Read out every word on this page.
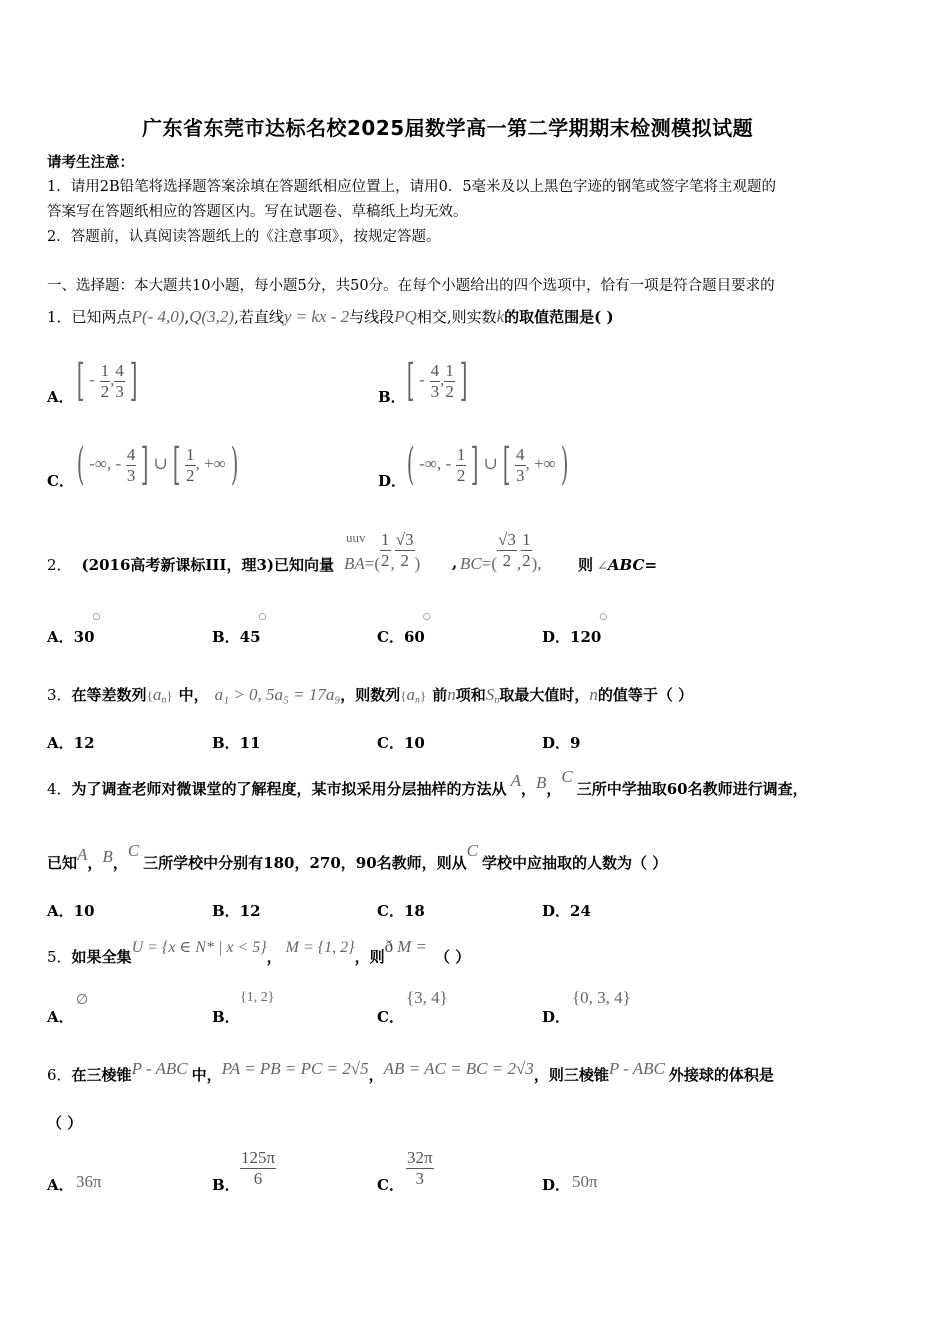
广东省东莞市达标名校2025届数学高一第二学期期末检测模拟试题
请考生注意：
1．请用2B铅笔将选择题答案涂填在答题纸相应位置上，请用0．5毫米及以上黑色字迹的钢笔或签字笔将主观题的
答案写在答题纸相应的答题区内。写在试题卷、草稿纸上均无效。
2．答题前，认真阅读答题纸上的《注意事项》，按规定答题。
一、选择题：本大题共10小题，每小题5分，共50分。在每个小题给出的四个选项中，恰有一项是符合题目要求的
1．已知两点P(- 4,0),Q(3,2),若直线y = kx - 2与线段PQ相交,则实数k的取值范围是( )
A． [ - $\frac{1}{2}$ , $\frac{4}{3}$ ]	B． [ - $\frac{4}{3}$ , $\frac{1}{2}$ ]
C． ( -∞, - $\frac{4}{3}$ ] ∪ [ $\frac{1}{2}$ , +∞ )	D． ( -∞, - $\frac{1}{2}$ ] ∪ [ $\frac{4}{3}$ , +∞ )
2． (2016高考新课标III，理3)已知向量
uuv
$BA=( \frac{1}{2}$ , $\frac{√3}{2}$ ) , $BC=( \frac{√3}{2}$ , $\frac{1}{2}$ ), 则 ∠ABC=
A．30○
B．45○
C．60○
D．120○
3．在等差数列$\{a_n\}$ 中， a₁ > 0, 5a₅ = 17a₉，则数列$\{a_n\}$ 前n项和$S_n$取最大值时，n的值等于（ ）
A．12	B．11	C．10	D．9
4．为了调查老师对微课堂的了解程度，某市拟采用分层抽样的方法从 A，B，C三所中学抽取60名教师进行调查，
已知A，B，C三所学校中分别有180，270，90名教师，则从C学校中应抽取的人数为（ ）
A．10	B．12	C．18	D．24
5．如果全集U = {x ∈ N* | x < 5}，M = {1, 2}，则ð M =（ ）
A．
∅
B．
{1, 2}
C．
{3, 4}
D．
{0, 3, 4}
6．在三棱锥P - ABC 中，PA = PB = PC = 2√5，AB = AC = BC = 2√3，则三棱锥P - ABC 外接球的体积是
（ ）
A． 36π	B． $\frac{125\pi}{6}$	C． $\frac{32\pi}{3}$	D． 50π
